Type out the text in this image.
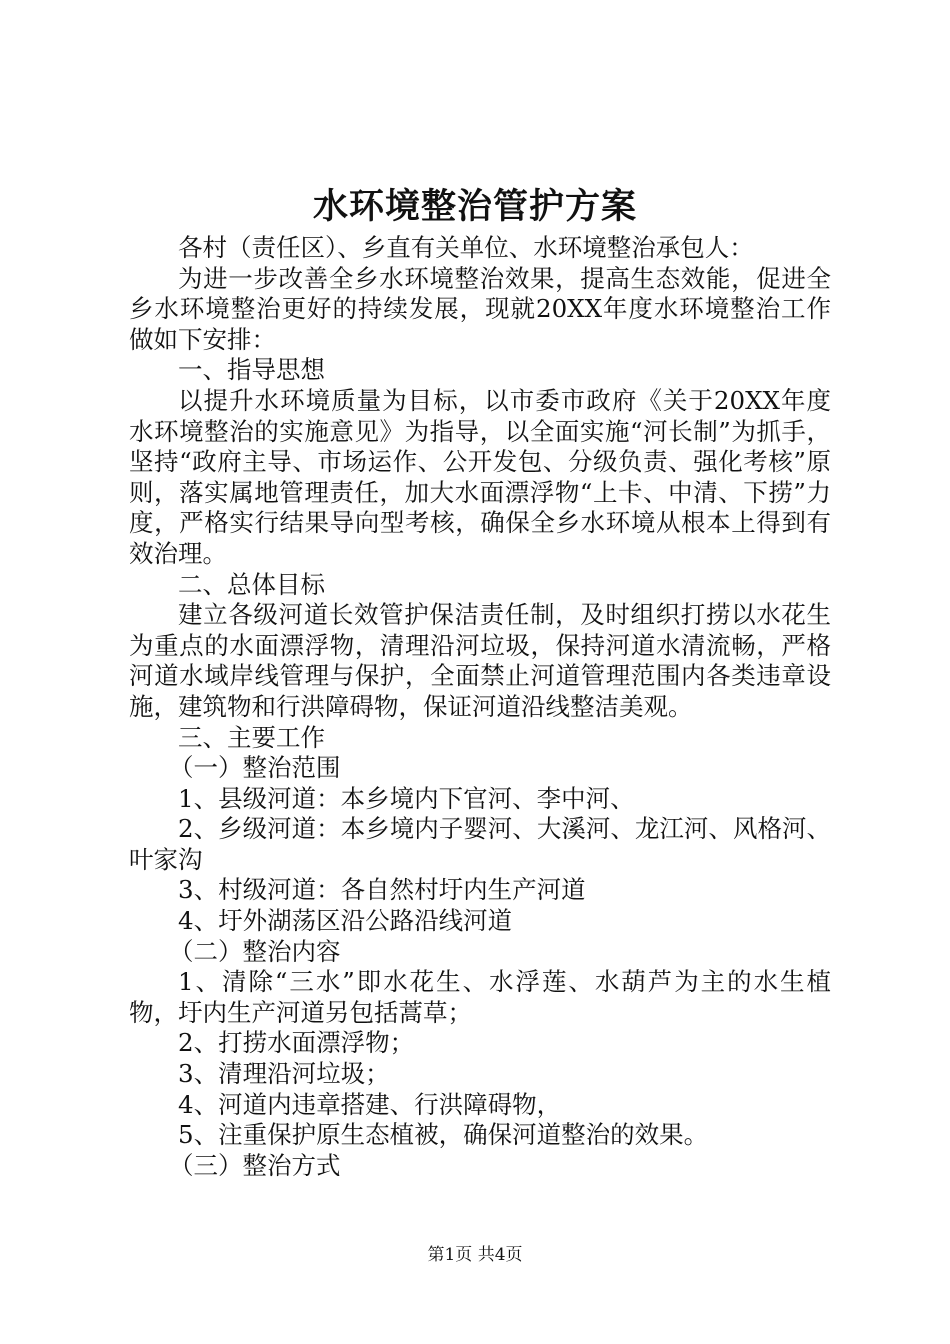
水环境整治管护方案

各村（责任区）、乡直有关单位、水环境整治承包人：

为进一步改善全乡水环境整治效果，提高生态效能，促进全乡水环境整治更好的持续发展，现就20XX年度水环境整治工作做如下安排：

一、指导思想

以提升水环境质量为目标，以市委市政府《关于20XX年度水环境整治的实施意见》为指导，以全面实施“河长制”为抓手，坚持“政府主导、市场运作、公开发包、分级负责、强化考核”原则，落实属地管理责任，加大水面漂浮物“上卡、中清、下捞”力度，严格实行结果导向型考核，确保全乡水环境从根本上得到有效治理。

二、总体目标

建立各级河道长效管护保洁责任制，及时组织打捞以水花生为重点的水面漂浮物，清理沿河垃圾，保持河道水清流畅，严格河道水域岸线管理与保护，全面禁止河道管理范围内各类违章设施，建筑物和行洪障碍物，保证河道沿线整洁美观。

三、主要工作

（一）整治范围

1、县级河道：本乡境内下官河、李中河、

2、乡级河道：本乡境内子婴河、大溪河、龙江河、风格河、叶家沟

3、村级河道：各自然村圩内生产河道

4、圩外湖荡区沿公路沿线河道

（二）整治内容

1、清除“三水”即水花生、水浮莲、水葫芦为主的水生植物，圩内生产河道另包括蒿草；

2、打捞水面漂浮物；

3、清理沿河垃圾；

4、河道内违章搭建、行洪障碍物，

5、注重保护原生态植被，确保河道整治的效果。

（三）整治方式

第1页 共4页
